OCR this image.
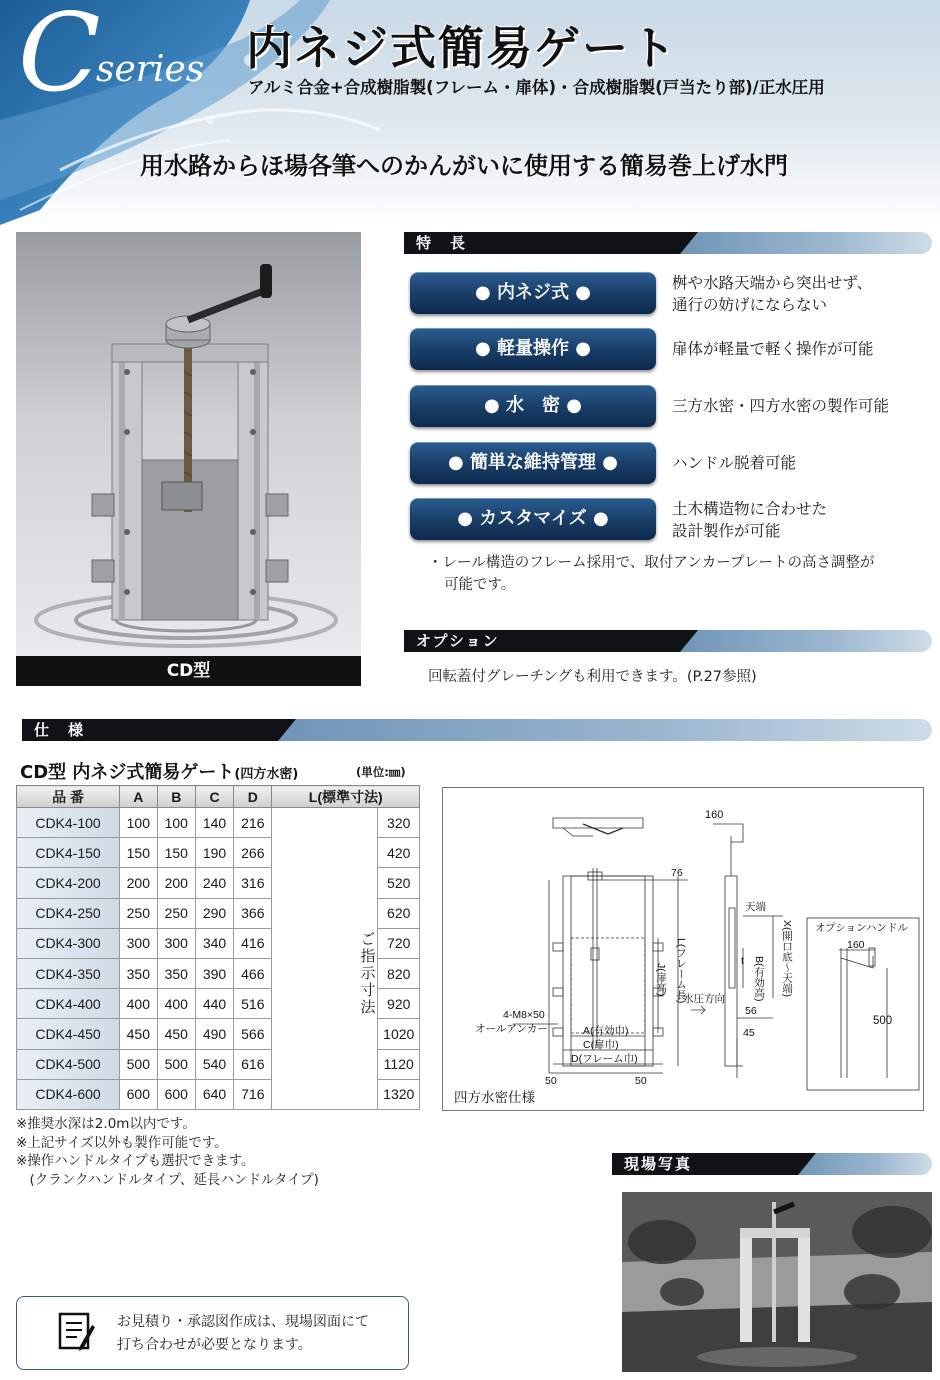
C
series 内ネジ式簡易ゲート
アルミ合金+合成樹脂製(フレーム・扉体)・合成樹脂製(戸当たり部)/正水圧用
用水路からほ場各筆へのかんがいに使用する簡易巻上げ水門
CD型
特　長
● 内ネジ式 ●	桝や水路天端から突出せず、
通行の妨げにならない
● 軽量操作 ●	扉体が軽量で軽く操作が可能
● 水　密 ●	三方水密・四方水密の製作可能
● 簡単な維持管理 ●	ハンドル脱着可能
● カスタマイズ ●	土木構造物に合わせた
設計製作が可能
・レール構造のフレーム採用で、取付アンカープレートの高さ調整が
可能です。
オプション
回転蓋付グレーチングも利用できます。(P.27参照)
仕　様
CD型 内ネジ式簡易ゲート(四方水密)	(単位:㎜)
品 番	A	B	C	D	L(標準寸法)	
CDK4-100	100	100	140	216	ご指示寸法	320
CDK4-150	150	150	190	266		420
CDK4-200	200	200	240	316		520
CDK4-250	250	250	290	366		620
CDK4-300	300	300	340	416		720
CDK4-350	350	350	390	466		820
CDK4-400	400	400	440	516		920
CDK4-450	450	450	490	566		1020
CDK4-500	500	500	540	616		1120
CDK4-600	600	600	640	716		1320
※推奨水深は2.0m以内です。
※上記サイズ以外も製作可能です。
※操作ハンドルタイプも選択できます。
　(クランクハンドルタイプ、延長ハンドルタイプ)
160
76
L(フレーム長)
J(扉高)
4-M8×50
オールアンカー	A(有効巾)
C(扉巾)
D(フレーム巾)
50	50
天端
X(開口底〜天端)
B(有効高)
t
56
45
水圧方向
オプションハンドル
160
500
四方水密仕様
現場写真
お見積り・承認図作成は、現場図面にて
打ち合わせが必要となります。
